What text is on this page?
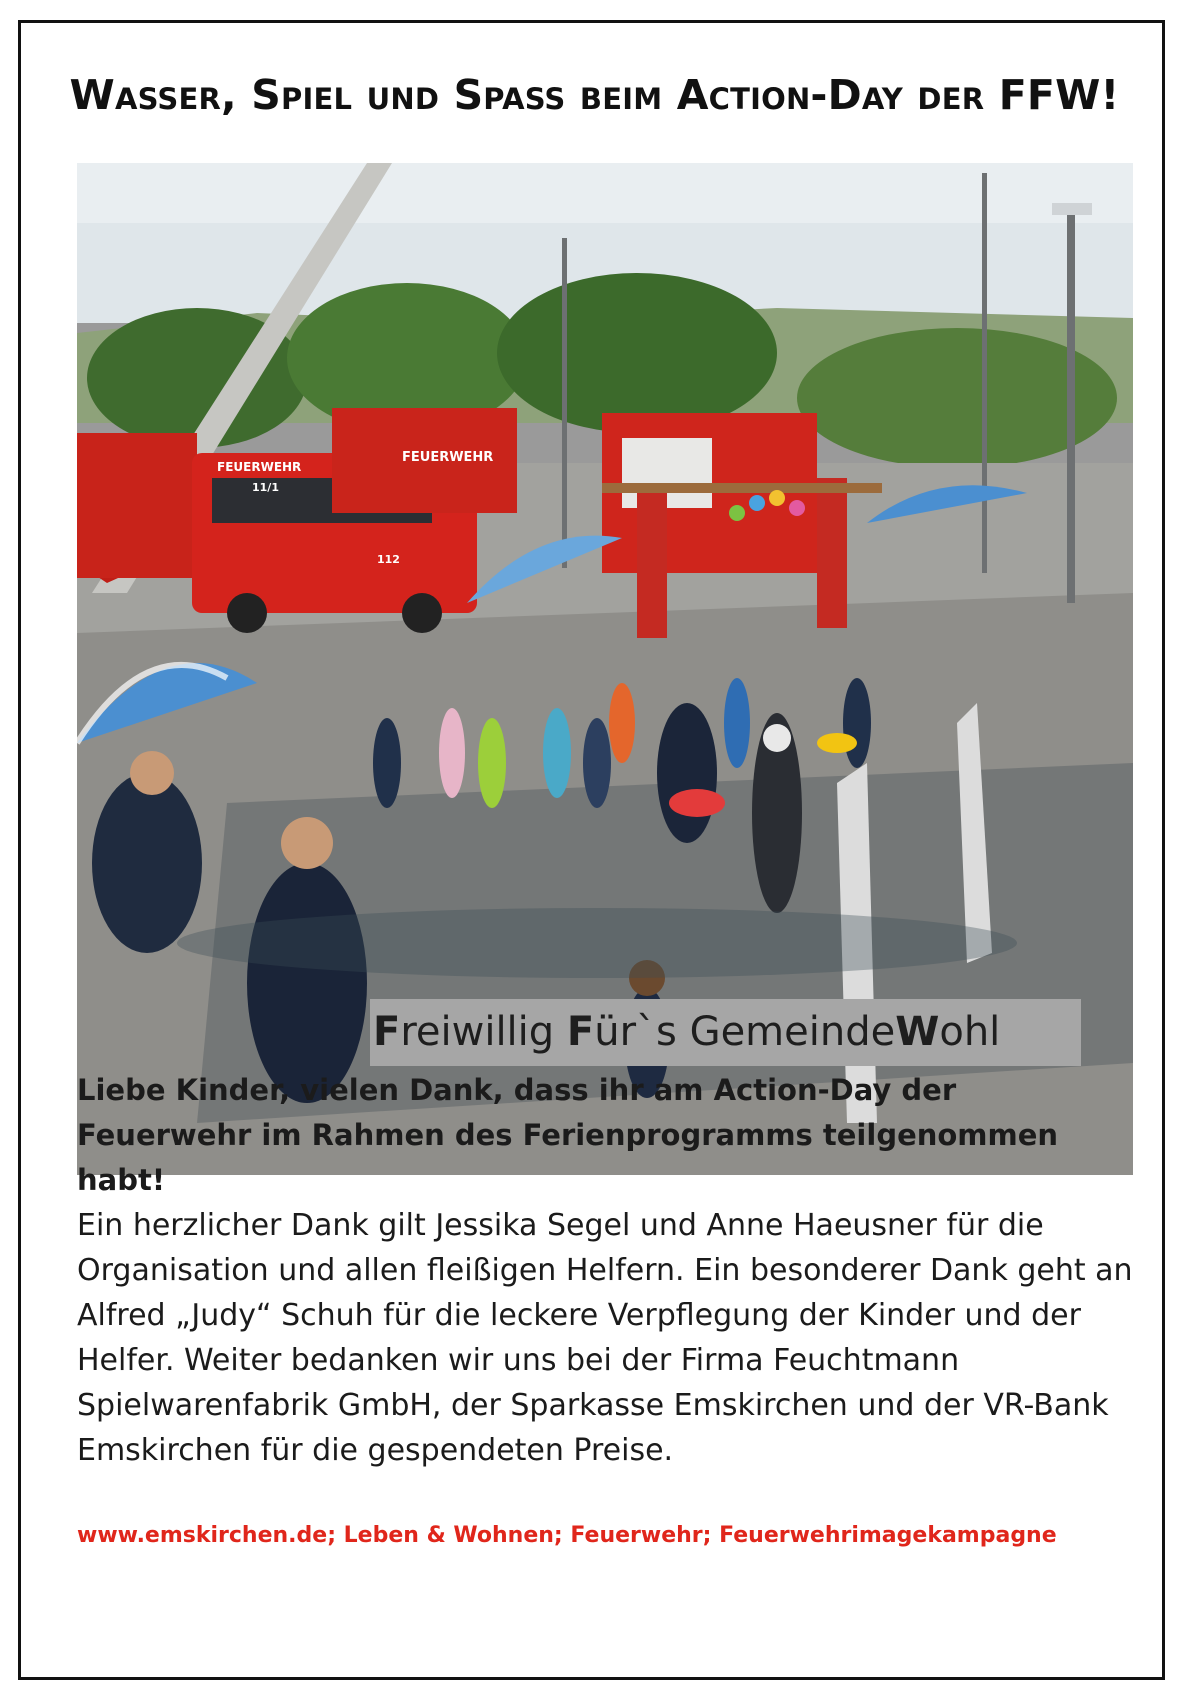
Wasser, Spiel und Spaß beim Action-Day der FFW!
FEUERWEHR
FEUERWEHR
11/1
112

Freiwillig Für`s GemeindeWohl

Liebe Kinder, vielen Dank, dass ihr am Action-Day der Feuerwehr im Rahmen des Ferienprogramms teilgenommen habt!

Ein herzlicher Dank gilt Jessika Segel und Anne Haeusner für die Organisation und allen fleißigen Helfern. Ein besonderer Dank geht an Alfred „Judy“ Schuh für die leckere Verpflegung der Kinder und der Helfer. Weiter bedanken wir uns bei der Firma Feuchtmann Spielwarenfabrik GmbH, der Sparkasse Emskirchen und der VR-Bank Emskirchen für die gespendeten Preise.

www.emskirchen.de; Leben & Wohnen; Feuerwehr; Feuerwehrimagekampagne
